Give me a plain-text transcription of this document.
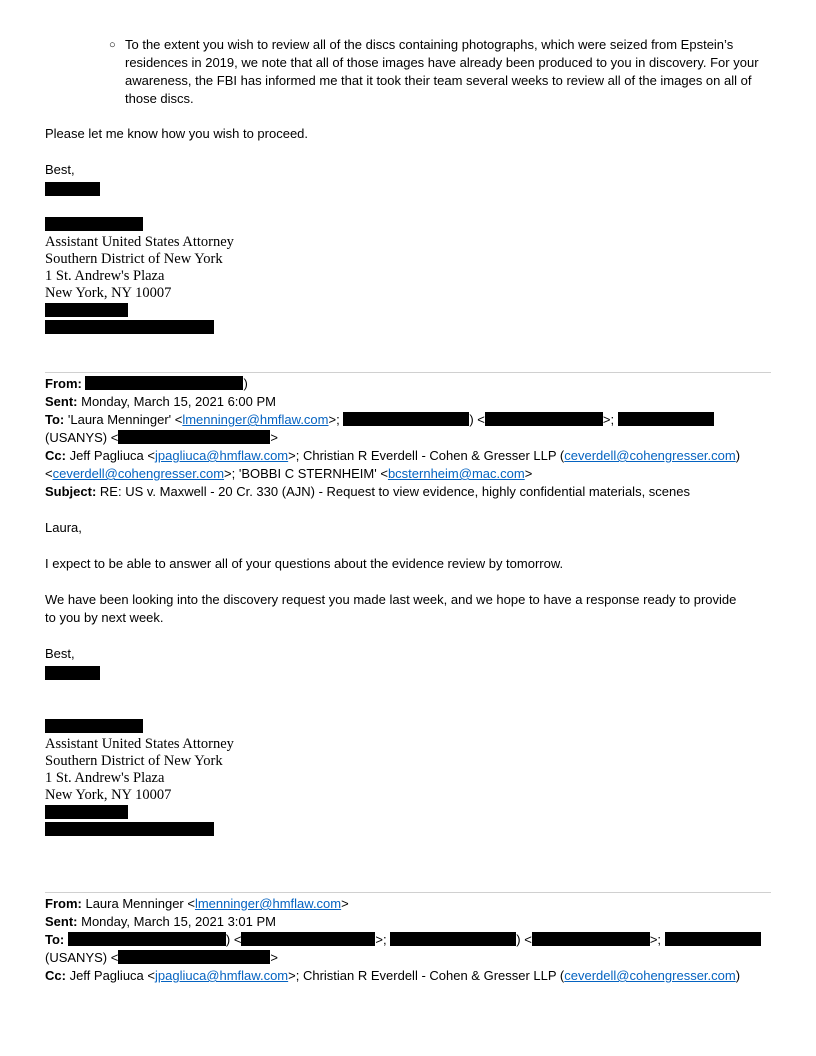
○ To the extent you wish to review all of the discs containing photographs, which were seized from Epstein’s residences in 2019, we note that all of those images have already been produced to you in discovery. For your awareness, the FBI has informed me that it took their team several weeks to review all of the images on all of those discs.
Please let me know how you wish to proceed.
Best,
Assistant United States Attorney
Southern District of New York
1 St. Andrew's Plaza
New York, NY 10007
From:	)
Sent: Monday, March 15, 2021 6:00 PM
To: 'Laura Menninger' <lmenninger@hmflaw.com>;	) <	>;
(USANYS) <	>
Cc: Jeff Pagliuca <jpagliuca@hmflaw.com>; Christian R Everdell - Cohen & Gresser LLP (ceverdell@cohengresser.com)
<ceverdell@cohengresser.com>; 'BOBBI C STERNHEIM' <bcsternheim@mac.com>
Subject: RE: US v. Maxwell - 20 Cr. 330 (AJN) - Request to view evidence, highly confidential materials, scenes
Laura,
I expect to be able to answer all of your questions about the evidence review by tomorrow.
We have been looking into the discovery request you made last week, and we hope to have a response ready to provide
to you by next week.
Best,
Assistant United States Attorney
Southern District of New York
1 St. Andrew's Plaza
New York, NY 10007
From: Laura Menninger <lmenninger@hmflaw.com>
Sent: Monday, March 15, 2021 3:01 PM
To:	) <	>;	) <	>;
(USANYS) <	>
Cc: Jeff Pagliuca <jpagliuca@hmflaw.com>; Christian R Everdell - Cohen & Gresser LLP (ceverdell@cohengresser.com)
